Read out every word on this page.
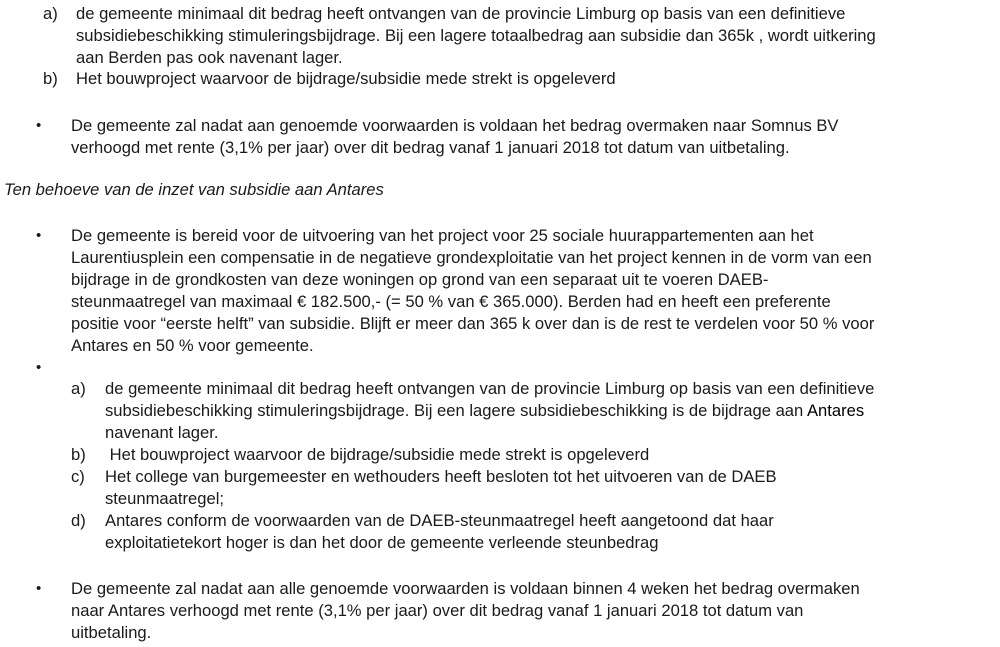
a) de gemeente minimaal dit bedrag heeft ontvangen van de provincie Limburg op basis van een definitieve
subsidiebeschikking stimuleringsbijdrage. Bij een lagere totaalbedrag aan subsidie dan 365k , wordt uitkering
aan Berden pas ook navenant lager.
b) Het bouwproject waarvoor de bijdrage/subsidie mede strekt is opgeleverd
• De gemeente zal nadat aan genoemde voorwaarden is voldaan het bedrag overmaken naar Somnus BV
verhoogd met rente (3,1% per jaar) over dit bedrag vanaf 1 januari 2018 tot datum van uitbetaling.
Ten behoeve van de inzet van subsidie aan Antares
• De gemeente is bereid voor de uitvoering van het project voor 25 sociale huurappartementen aan het
Laurentiusplein een compensatie in de negatieve grondexploitatie van het project kennen in de vorm van een
bijdrage in de grondkosten van deze woningen op grond van een separaat uit te voeren DAEB-
steunmaatregel van maximaal € 182.500,- (= 50 % van € 365.000). Berden had en heeft een preferente
positie voor “eerste helft” van subsidie. Blijft er meer dan 365 k over dan is de rest te verdelen voor 50 % voor
Antares en 50 % voor gemeente.
•
a) de gemeente minimaal dit bedrag heeft ontvangen van de provincie Limburg op basis van een definitieve
subsidiebeschikking stimuleringsbijdrage. Bij een lagere subsidiebeschikking is de bijdrage aan Antares
navenant lager.
b) Het bouwproject waarvoor de bijdrage/subsidie mede strekt is opgeleverd
c) Het college van burgemeester en wethouders heeft besloten tot het uitvoeren van de DAEB
steunmaatregel;
d) Antares conform de voorwaarden van de DAEB-steunmaatregel heeft aangetoond dat haar
exploitatietekort hoger is dan het door de gemeente verleende steunbedrag
• De gemeente zal nadat aan alle genoemde voorwaarden is voldaan binnen 4 weken het bedrag overmaken
naar Antares verhoogd met rente (3,1% per jaar) over dit bedrag vanaf 1 januari 2018 tot datum van
uitbetaling.
